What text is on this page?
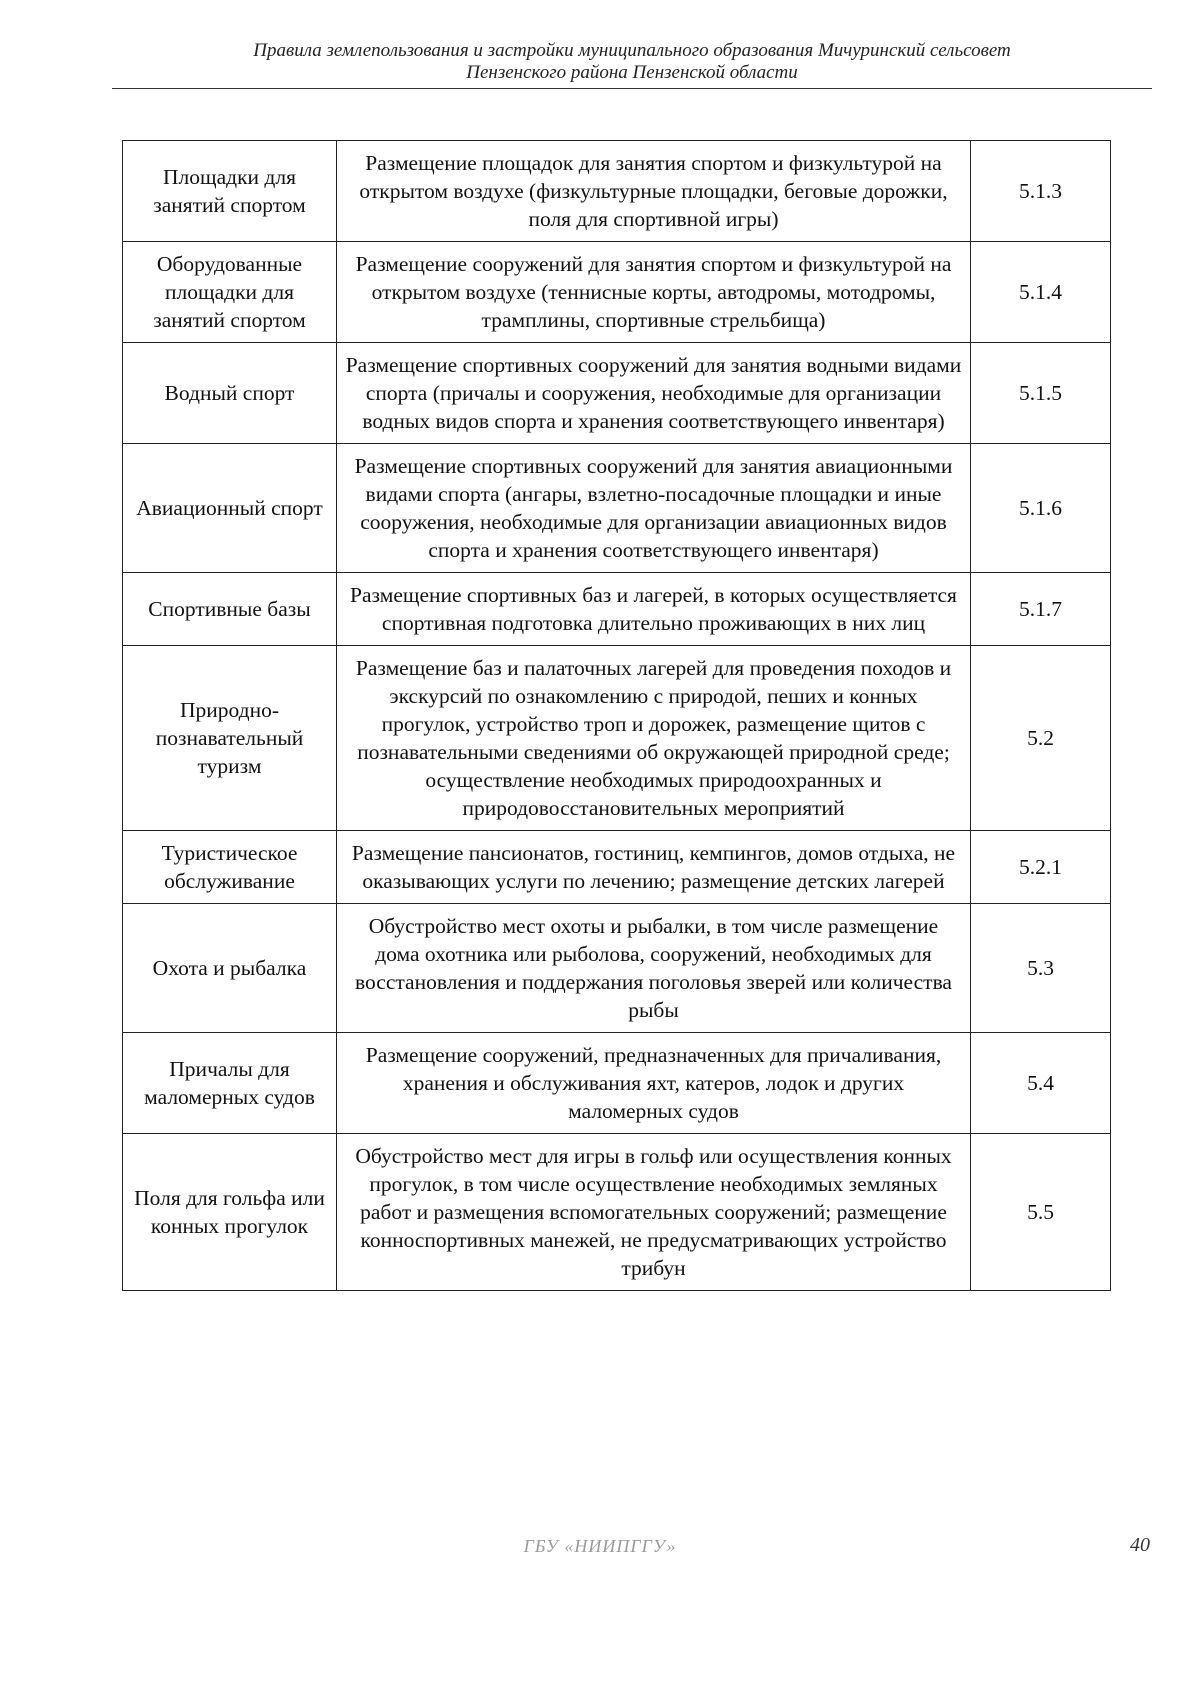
Правила землепользования и застройки муниципального образования Мичуринский сельсовет
Пензенского района Пензенской области
Площадки для занятий спортом	Размещение площадок для занятия спортом и физкультурой на открытом воздухе (физкультурные площадки, беговые дорожки, поля для спортивной игры)	5.1.3
Оборудованные площадки для занятий спортом	Размещение сооружений для занятия спортом и физкультурой на открытом воздухе (теннисные корты, автодромы, мотодромы, трамплины, спортивные стрельбища)	5.1.4
Водный спорт	Размещение спортивных сооружений для занятия водными видами спорта (причалы и сооружения, необходимые для организации водных видов спорта и хранения соответствующего инвентаря)	5.1.5
Авиационный спорт	Размещение спортивных сооружений для занятия авиационными видами спорта (ангары, взлетно-посадочные площадки и иные сооружения, необходимые для организации авиационных видов спорта и хранения соответствующего инвентаря)	5.1.6
Спортивные базы	Размещение спортивных баз и лагерей, в которых осуществляется спортивная подготовка длительно проживающих в них лиц	5.1.7
Природно-познавательный туризм	Размещение баз и палаточных лагерей для проведения походов и экскурсий по ознакомлению с природой, пеших и конных прогулок, устройство троп и дорожек, размещение щитов с познавательными сведениями об окружающей природной среде; осуществление необходимых природоохранных и природовосстановительных мероприятий	5.2
Туристическое обслуживание	Размещение пансионатов, гостиниц, кемпингов, домов отдыха, не оказывающих услуги по лечению; размещение детских лагерей	5.2.1
Охота и рыбалка	Обустройство мест охоты и рыбалки, в том числе размещение дома охотника или рыболова, сооружений, необходимых для восстановления и поддержания поголовья зверей или количества рыбы	5.3
Причалы для маломерных судов	Размещение сооружений, предназначенных для причаливания, хранения и обслуживания яхт, катеров, лодок и других маломерных судов	5.4
Поля для гольфа или конных прогулок	Обустройство мест для игры в гольф или осуществления конных прогулок, в том числе осуществление необходимых земляных работ и размещения вспомогательных сооружений; размещение конноспортивных манежей, не предусматривающих устройство трибун	5.5
ГБУ «НИИПГГУ»	40
